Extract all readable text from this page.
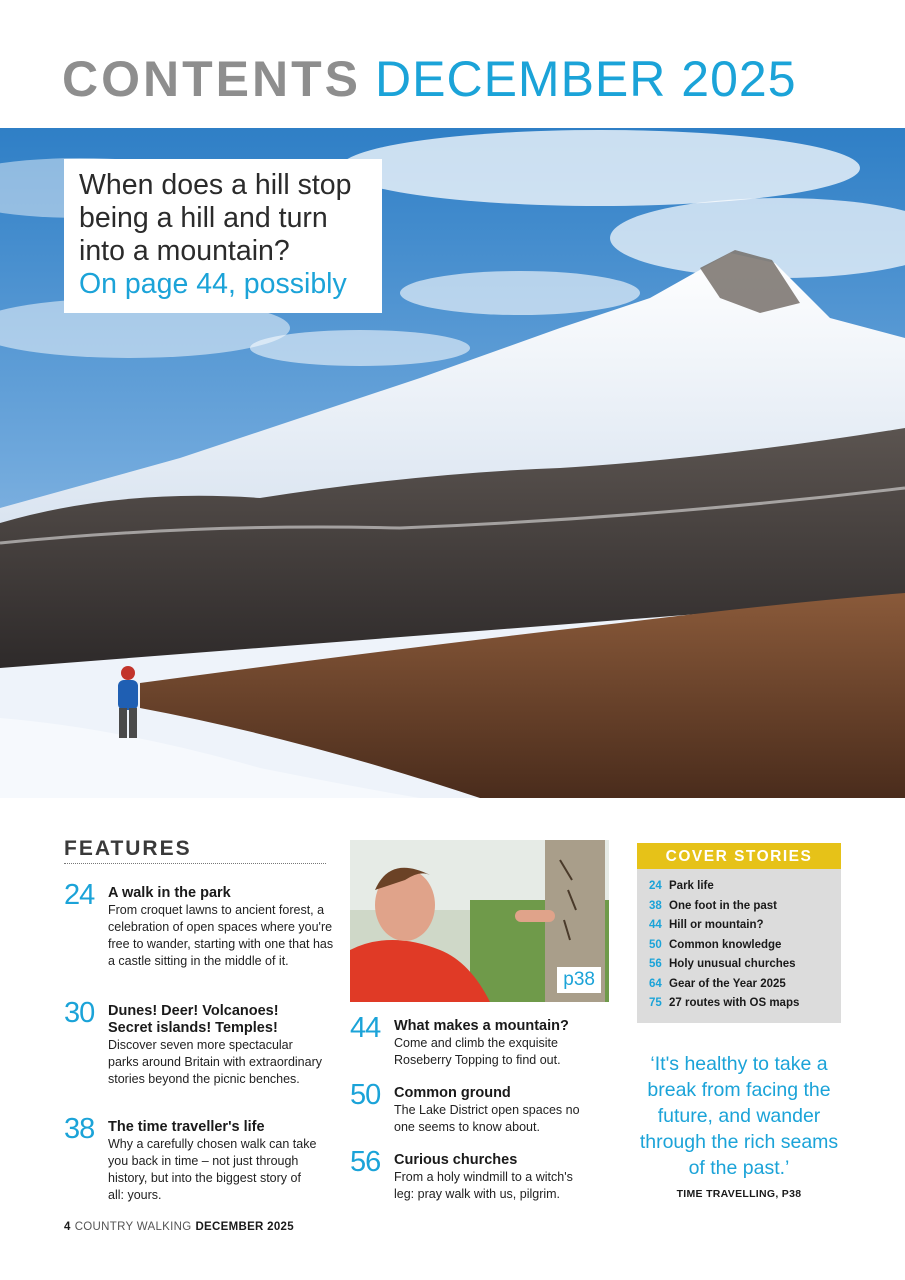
CONTENTS DECEMBER 2025
When does a hill stop being a hill and turn into a mountain?
On page 44, possibly
FEATURES
24 A walk in the park
From croquet lawns to ancient forest, a celebration of open spaces where you're free to wander, starting with one that has a castle sitting in the middle of it.
30 Dunes! Deer! Volcanoes! Secret islands! Temples!
Discover seven more spectacular parks around Britain with extraordinary stories beyond the picnic benches.
38 The time traveller's life
Why a carefully chosen walk can take you back in time – not just through history, but into the biggest story of all: yours.
p38
44 What makes a mountain?
Come and climb the exquisite Roseberry Topping to find out.
50 Common ground
The Lake District open spaces no one seems to know about.
56 Curious churches
From a holy windmill to a witch's leg: pray walk with us, pilgrim.
COVER STORIES
24 Park life
38 One foot in the past
44 Hill or mountain?
50 Common knowledge
56 Holy unusual churches
64 Gear of the Year 2025
75 27 routes with OS maps
‘It's healthy to take a break from facing the future, and wander through the rich seams of the past.’
TIME TRAVELLING, P38
4 COUNTRY WALKING DECEMBER 2025
